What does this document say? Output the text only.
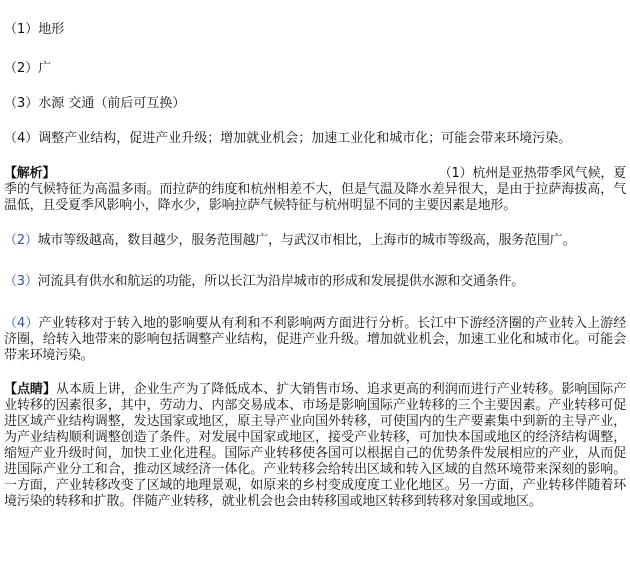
（1）地形
（2）广
（3）水源 交通（前后可互换）
（4）调整产业结构，促进产业升级；增加就业机会；加速工业化和城市化；可能会带来环境污染。
【解析】	（1）杭州是亚热带季风气候，夏
季的气候特征为高温多雨。而拉萨的纬度和杭州相差不大，但是气温及降水差异很大，是由于拉萨海拔高，气温低，且受夏季风影响小，降水少，影响拉萨气候特征与杭州明显不同的主要因素是地形。
（2）城市等级越高，数目越少，服务范围越广，与武汉市相比，上海市的城市等级高，服务范围广。
（3）河流具有供水和航运的功能，所以长江为沿岸城市的形成和发展提供水源和交通条件。
（4）产业转移对于转入地的影响要从有利和不利影响两方面进行分析。长江中下游经济圈的产业转入上游经济圈，给转入地带来的影响包括调整产业结构，促进产业升级。增加就业机会，加速工业化和城市化。可能会带来环境污染。
【点睛】从本质上讲，企业生产为了降低成本、扩大销售市场、追求更高的利润而进行产业转移。影响国际产业转移的因素很多，其中，劳动力、内部交易成本、市场是影响国际产业转移的三个主要因素。产业转移可促进区域产业结构调整，发达国家或地区，原主导产业向国外转移，可使国内的生产要素集中到新的主导产业，为产业结构顺利调整创造了条件。对发展中国家或地区，接受产业转移，可加快本国或地区的经济结构调整，缩短产业升级时间，加快工业化进程。国际产业转移使各国可以根据自己的优势条件发展相应的产业，从而促进国际产业分工和合，推动区域经济一体化。产业转移会给转出区域和转入区域的自然环境带来深刻的影响。一方面，产业转移改变了区域的地理景观，如原来的乡村变成度度工业化地区。另一方面，产业转移伴随着环境污染的转移和扩散。伴随产业转移，就业机会也会由转移国或地区转移到转移对象国或地区。
